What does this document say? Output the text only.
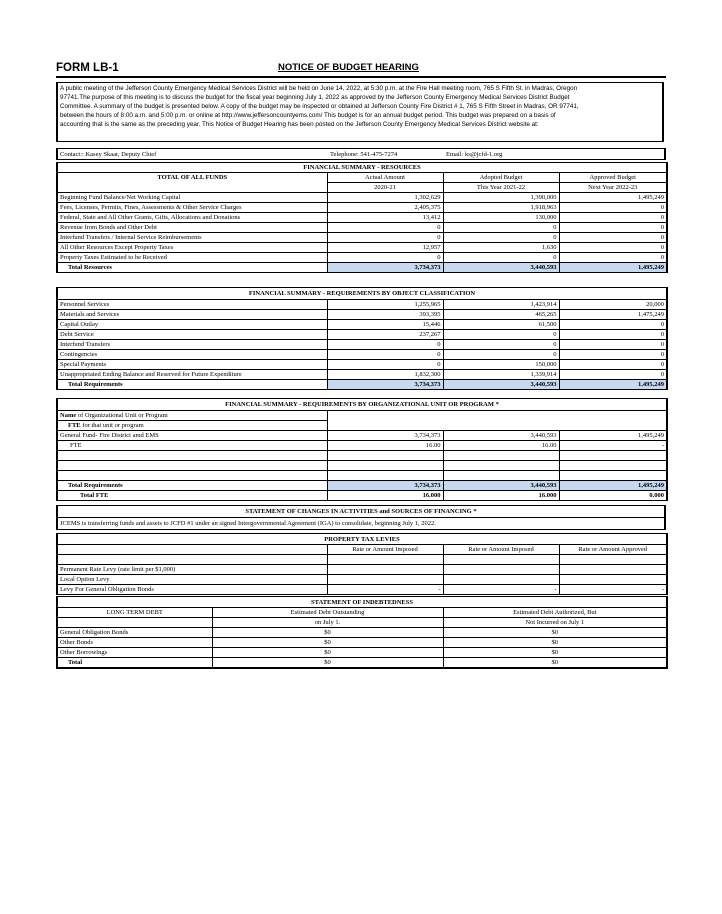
FORM LB-1	NOTICE OF BUDGET HEARING

A public meeting of the Jefferson County Emergency Medical Services District will be held on June 14, 2022, at 5:30 p.m. at the Fire Hall meeting room, 765 S Fifth St. in Madras, Oregon

97741.The purpose of this meeting is to discuss the budget for the fiscal year beginning July 1, 2022 as approved by the Jefferson County Emergency Medical Services District Budget

Committee. A summary of the budget is presented below. A copy of the budget may be inspected or obtained at Jefferson County Fire District # 1, 765 S Fifth Street in Madras, OR 97741,

between the hours of 8:00 a.m. and 5:00 p.m. or online at http://www.jeffersoncountyems.com/ This budget is for an annual budget period. This budget was prepared on a basis of

accounting that is the same as the preceding year. This Notice of Budget Hearing has been posted on the Jefferson County Emergency Medical Services District website at:

Contact:: Kasey Skaar, Deputy Chief	Telephone: 541-475-7274	Email: ks@jcfd-1.org
FINANCIAL SUMMARY - RESOURCES			
TOTAL OF ALL FUNDS	Actual Amount	Adopted Budget	Approved Budget
	2020-21	This Year 2021-22	Next Year 2022-23
Beginning Fund Balance/Net Working Capital	1,302,629	1,390,000	1,495,249
Fees, Licenses, Permits, Fines, Assessments & Other Service Charges	2,405,375	1,918,963	0
Federal, State and All Other Grants, Gifts, Allocations and Donations	13,412	130,000	0
Revenue from Bonds and Other Debt	0	0	0
Interfund Transfers / Internal Service Reimbursements	0	0	0
All Other Resources Except Property Taxes	12,957	1,630	0
Property Taxes Estimated to be Received	0	0	0
Total Resources	3,734,373	3,440,593	1,495,249
FINANCIAL SUMMARY - REQUIREMENTS BY OBJECT CLASSIFICATION			
Personnel Services	1,255,965	1,423,914	20,000
Materials and Services	393,395	465,265	1,475,249
Capital Outlay	15,446	61,500	0
Debt Service	237,267	0	0
Interfund Transfers	0	0	0
Contingencies	0	0	0
Special Payments	0	150,000	0
Unappropriated Ending Balance and Reserved for Future Expenditure	1,832,300	1,339,914	0
Total Requirements	3,734,373	3,440,593	1,495,249
FINANCIAL SUMMARY - REQUIREMENTS BY ORGANIZATIONAL UNIT OR PROGRAM *			
Name of Organizational Unit or Program			
FTE for that unit or program			
General Fund- Fire District amd EMS	3,734,373	3,440,593	1,495,249
FTE	16.00	16.00	-

Total Requirements	3,734,373	3,440,593	1,495,249
Total FTE	16.000	16.000	0.000
STATEMENT OF CHANGES IN ACTIVITIES and SOURCES OF FINANCING *
JCEMS is transferring funds and assets to JCFD #1 under an signed Intergovernmental Agreement (IGA) to consolidate, beginning July 1, 2022.
PROPERTY TAX LEVIES			
	Rate or Amount Imposed	Rate or Amount Imposed	Rate or Amount Approved

Permanent Rate Levy (rate limit per $1,000)			
Local Option Levy			
Levy For General Obligation Bonds	-	-	-
STATEMENT OF INDEBTEDNESS		
LONG TERM DEBT	Estimated Debt Outstanding	Estimated Debt Authorized, But
	on July 1.	Not Incurred on July 1
General Obligation Bonds	$0	$0
Other Bonds	$0	$0
Other Borrowings	$0	$0
Total	$0	$0
